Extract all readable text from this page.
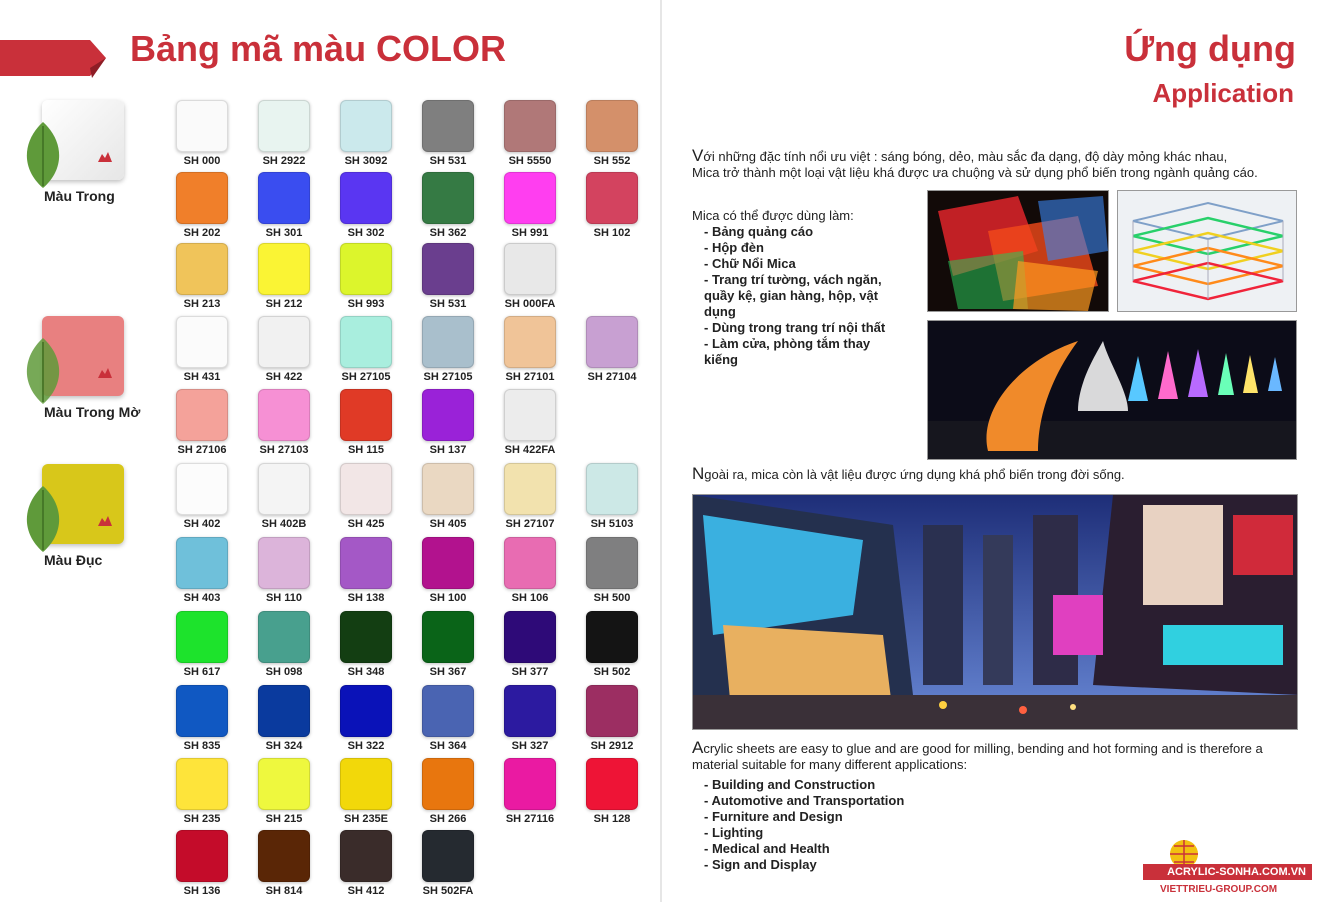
Bảng mã màu COLOR
Màu Trong
Màu Trong Mờ
Màu Đục
SH 000	SH 2922	SH 3092	SH 531	SH 5550	SH 552
SH 202	SH 301	SH 302	SH 362	SH 991	SH 102
SH 213	SH 212	SH 993	SH 531	SH 000FA
SH 431	SH 422	SH 27105	SH 27105	SH 27101	SH 27104
SH 27106	SH 27103	SH 115	SH 137	SH 422FA
SH 402	SH 402B	SH 425	SH 405	SH 27107	SH 5103
SH 403	SH 110	SH 138	SH 100	SH 106	SH 500
SH 617	SH 098	SH 348	SH 367	SH 377	SH 502
SH 835	SH 324	SH 322	SH 364	SH 327	SH 2912
SH 235	SH 215	SH 235E	SH 266	SH 27116	SH 128
SH 136	SH 814	SH 412	SH 502FA
Ứng dụng
Application
Với những đặc tính nổi ưu việt : sáng bóng, dẻo, màu sắc đa dạng, độ dày mỏng khác nhau,
Mica trở thành một loại vật liệu khá được ưa chuộng và sử dụng phổ biến trong ngành quảng cáo.
Mica có thể được dùng làm:
- Bảng quảng cáo
- Hộp đèn
- Chữ Nổi Mica
- Trang trí tường, vách ngăn, quầy kệ, gian hàng, hộp, vật dụng
- Dùng trong trang trí nội thất
- Làm cửa, phòng tắm thay kiếng
Ngoài ra, mica còn là vật liệu được ứng dụng khá phổ biến trong đời sống.
Acrylic sheets are easy to glue and are good for milling, bending and hot forming and is therefore a
material suitable for many different applications:
- Building and Construction
- Automotive and Transportation
- Furniture and Design
- Lighting
- Medical and Health
- Sign and Display	ACRYLIC-SONHA.COM.VN
VIETTRIEU-GROUP.COM
